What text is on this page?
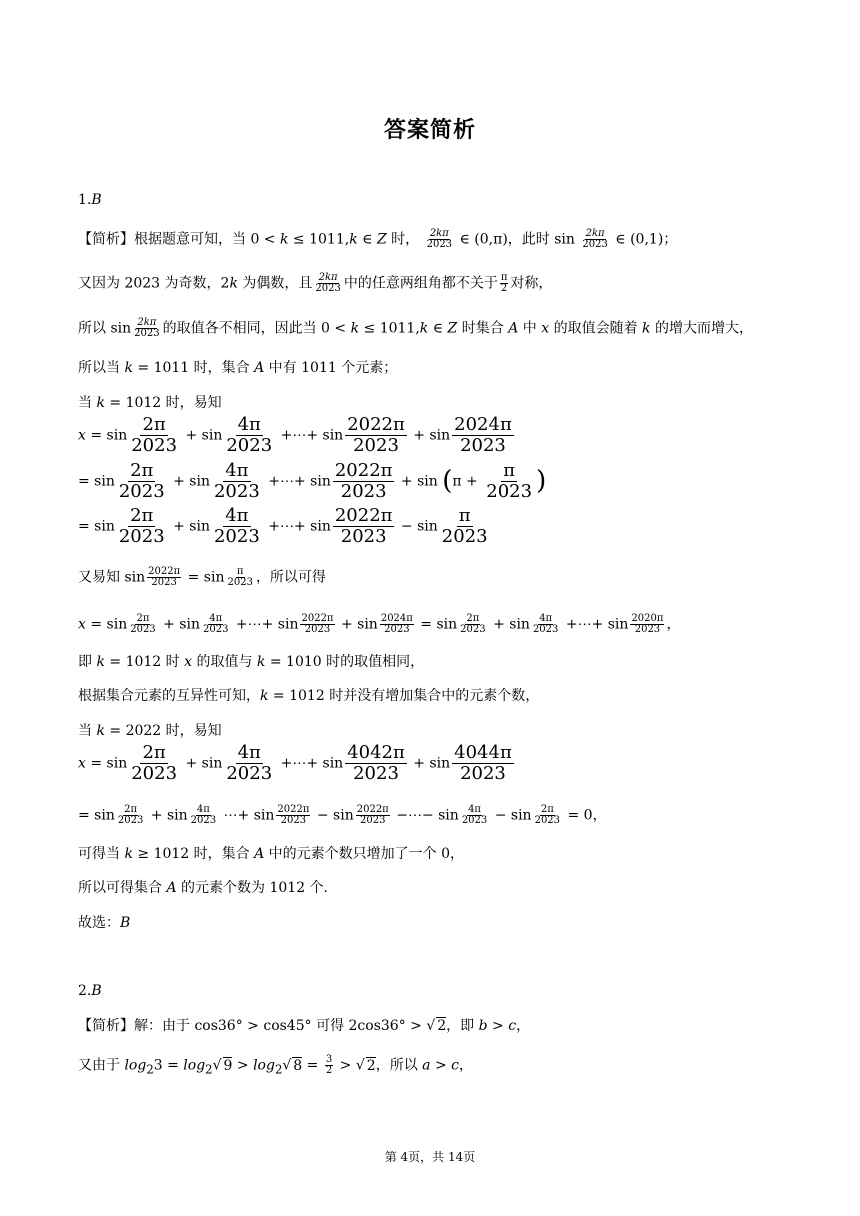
答案简析
1.B
【简析】根据题意可知，当 0 < k ≤ 1011,k ∈ Z 时， $\frac{2k\pi}{2023}$ ∈ (0,π)，此时 $\sin \frac{2k\pi}{2023}$ ∈ (0,1)；
又因为 2023 为奇数，2k 为偶数，且 $\frac{2k\pi}{2023}$ 中的任意两组角都不关于 $\frac{\pi}{2}$ 对称，
所以 $\sin \frac{2k\pi}{2023}$ 的取值各不相同，因此当 0 < k ≤ 1011,k ∈ Z 时集合 A 中 x 的取值会随着 k 的增大而增大，
所以当 k = 1011 时，集合 A 中有 1011 个元素；
当 k = 1012 时，易知
$x = \sin \frac{2\pi}{2023} + \sin \frac{4\pi}{2023}$ +⋯+ $\sin \frac{2022\pi}{2023} + \sin \frac{2024\pi}{2023}$
= $\sin \frac{2\pi}{2023} + \sin \frac{4\pi}{2023}$ +⋯+ $\sin \frac{2022\pi}{2023} + \sin (\pi + \frac{\pi}{2023}$ )
= $\sin \frac{2\pi}{2023} + \sin \frac{4\pi}{2023}$ +⋯+ $\sin \frac{2022\pi}{2023} - \sin \frac{\pi}{2023}$
又易知 $\sin \frac{2022\pi}{2023} = \sin \frac{\pi}{2023}$ ，所以可得
$x = \sin \frac{2\pi}{2023} + \sin \frac{4\pi}{2023}$ +⋯+ $\sin \frac{2022\pi}{2023} + \sin \frac{2024\pi}{2023} = \sin \frac{2\pi}{2023} + \sin \frac{4\pi}{2023}$ +⋯+ $\sin \frac{2020\pi}{2023}$ ，
即 k = 1012 时 x 的取值与 k = 1010 时的取值相同，
根据集合元素的互异性可知，k = 1012 时并没有增加集合中的元素个数，
当 k = 2022 时，易知
$x = \sin \frac{2\pi}{2023} + \sin \frac{4\pi}{2023}$ +⋯+ $\sin \frac{4042\pi}{2023} + \sin \frac{4044\pi}{2023}$
= $\sin \frac{2\pi}{2023} + \sin \frac{4\pi}{2023}$ ⋯+ $\sin \frac{2022\pi}{2023} - \sin \frac{2022\pi}{2023}$ −⋯− $\sin \frac{4\pi}{2023} - \sin \frac{2\pi}{2023} = 0$，
可得当 k ≥ 1012 时，集合 A 中的元素个数只增加了一个 0，
所以可得集合 A 的元素个数为 1012 个.
故选：B
2.B
【简析】解：由于 cos36° > cos45° 可得 2cos36° > √ 2，即 b > c，
又由于 $\log_23 = \log_2√$ $9 > \log_2√$ $8 = \frac{3}{2}$ > √ 2，所以 a > c，
第 4页，共 14页
